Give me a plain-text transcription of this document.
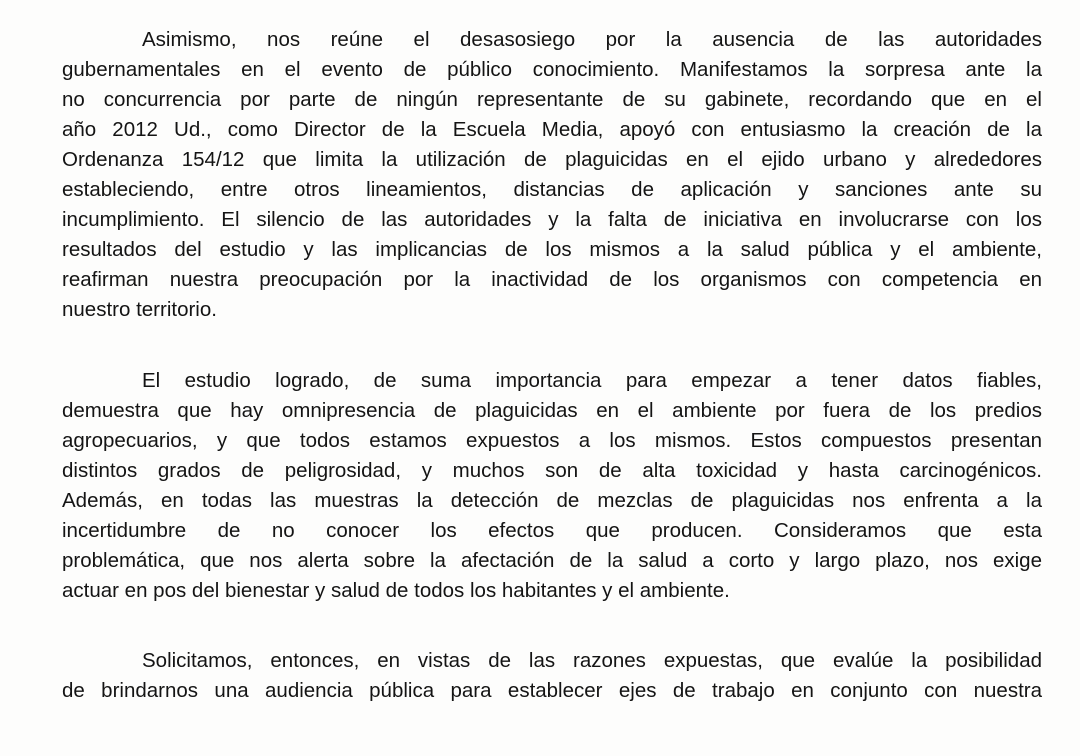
Asimismo, nos reúne el desasosiego por la ausencia de las autoridades
gubernamentales en el evento de público conocimiento. Manifestamos la sorpresa ante la
no concurrencia por parte de ningún representante de su gabinete, recordando que en el
año 2012 Ud., como Director de la Escuela Media, apoyó con entusiasmo la creación de la
Ordenanza 154/12 que limita la utilización de plaguicidas en el ejido urbano y alrededores
estableciendo, entre otros lineamientos, distancias de aplicación y sanciones ante su
incumplimiento. El silencio de las autoridades y la falta de iniciativa en involucrarse con los
resultados del estudio y las implicancias de los mismos a la salud pública y el ambiente,
reafirman nuestra preocupación por la inactividad de los organismos con competencia en
nuestro territorio.
El estudio logrado, de suma importancia para empezar a tener datos fiables,
demuestra que hay omnipresencia de plaguicidas en el ambiente por fuera de los predios
agropecuarios, y que todos estamos expuestos a los mismos. Estos compuestos presentan
distintos grados de peligrosidad, y muchos son de alta toxicidad y hasta carcinogénicos.
Además, en todas las muestras la detección de mezclas de plaguicidas nos enfrenta a la
incertidumbre de no conocer los efectos que producen. Consideramos que esta
problemática, que nos alerta sobre la afectación de la salud a corto y largo plazo, nos exige
actuar en pos del bienestar y salud de todos los habitantes y el ambiente.
Solicitamos, entonces, en vistas de las razones expuestas, que evalúe la posibilidad
de brindarnos una audiencia pública para establecer ejes de trabajo en conjunto con nuestra
